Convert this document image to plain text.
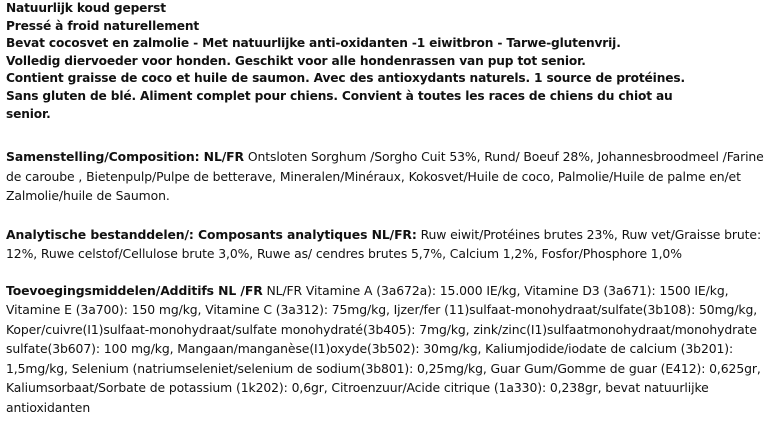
Natuurlijk koud geperst
Pressé à froid naturellement
Bevat cocosvet en zalmolie - Met natuurlijke anti-oxidanten -1 eiwitbron - Tarwe-glutenvrij.
Volledig diervoeder voor honden. Geschikt voor alle hondenrassen van pup tot senior.
Contient graisse de coco et huile de saumon. Avec des antioxydants naturels. 1 source de protéines.
Sans gluten de blé. Aliment complet pour chiens. Convient à toutes les races de chiens du chiot au
senior.
Samenstelling/Composition: NL/FR Ontsloten Sorghum /Sorgho Cuit 53%, Rund/ Boeuf 28%, Johannesbroodmeel /Farine de caroube , Bietenpulp/Pulpe de betterave, Mineralen/Minéraux, Kokosvet/Huile de coco, Palmolie/Huile de palme en/et Zalmolie/huile de Saumon.
Analytische bestanddelen/: Composants analytiques NL/FR: Ruw eiwit/Protéines brutes 23%, Ruw vet/Graisse brute: 12%, Ruwe celstof/Cellulose brute 3,0%, Ruwe as/ cendres brutes 5,7%, Calcium 1,2%, Fosfor/Phosphore 1,0%
Toevoegingsmiddelen/Additifs NL /FR NL/FR Vitamine A (3a672a): 15.000 IE/kg, Vitamine D3 (3a671): 1500 IE/kg, Vitamine E (3a700): 150 mg/kg, Vitamine C (3a312): 75mg/kg, Ijzer/fer (11)sulfaat-monohydraat/sulfate(3b108): 50mg/kg, Koper/cuivre(I1)sulfaat-monohydraat/sulfate monohydraté(3b405): 7mg/kg, zink/zinc(I1)sulfaatmonohydraat/monohydrate sulfate(3b607): 100 mg/kg, Mangaan/manganèse(I1)oxyde(3b502): 30mg/kg, Kaliumjodide/iodate de calcium (3b201): 1,5mg/kg, Selenium (natriumseleniet/selenium de sodium(3b801): 0,25mg/kg, Guar Gum/Gomme de guar (E412): 0,625gr, Kaliumsorbaat/Sorbate de potassium (1k202): 0,6gr, Citroenzuur/Acide citrique (1a330): 0,238gr, bevat natuurlijke antioxidanten
